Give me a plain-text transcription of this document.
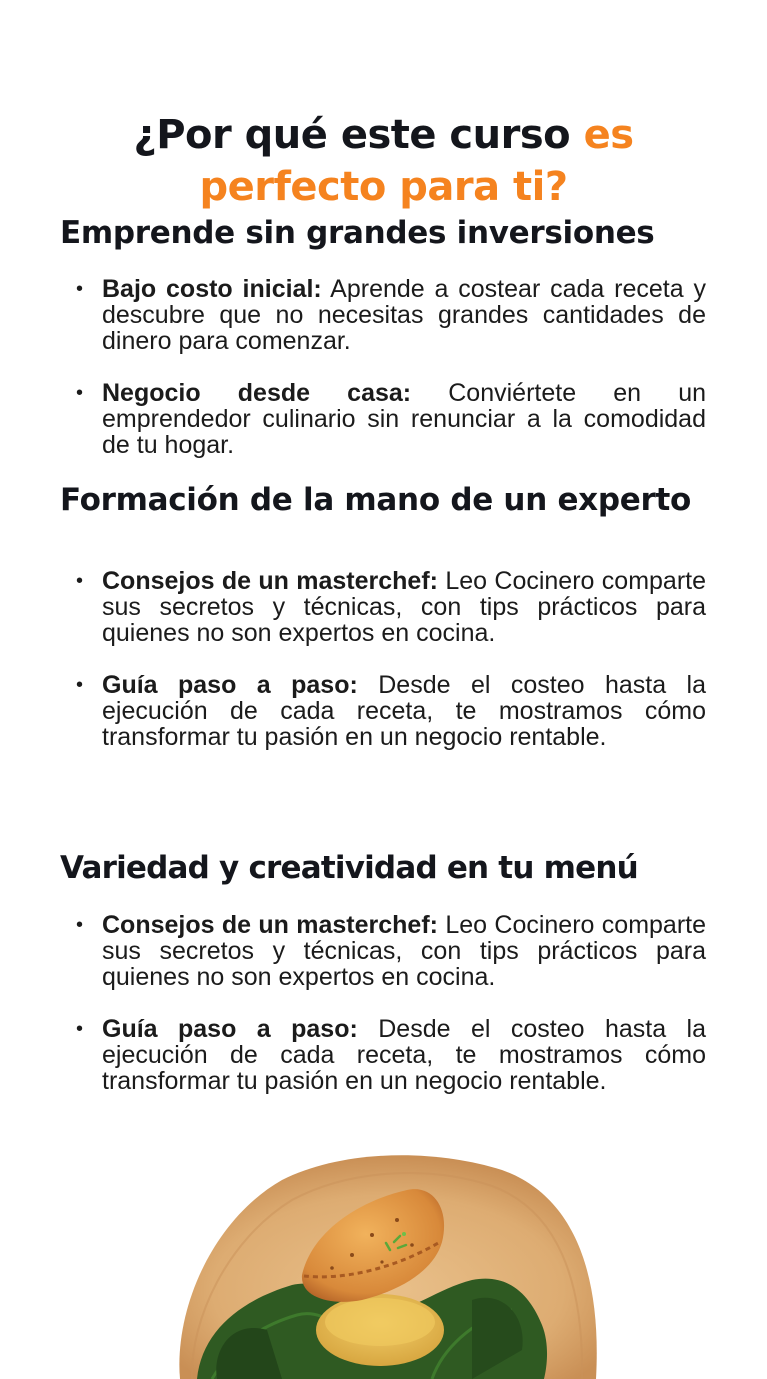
¿Por qué este curso es
perfecto para ti?
Emprende sin grandes inversiones
• Bajo costo inicial: Aprende a costear cada receta y descubre que no necesitas grandes cantidades de dinero para comenzar.
• Negocio desde casa: Conviértete en un emprendedor culinario sin renunciar a la comodidad de tu hogar.
Formación de la mano de un experto
• Consejos de un masterchef: Leo Cocinero comparte sus secretos y técnicas, con tips prácticos para quienes no son expertos en cocina.
• Guía paso a paso: Desde el costeo hasta la ejecución de cada receta, te mostramos cómo transformar tu pasión en un negocio rentable.
Variedad y creatividad en tu menú
• Consejos de un masterchef: Leo Cocinero comparte sus secretos y técnicas, con tips prácticos para quienes no son expertos en cocina.
• Guía paso a paso: Desde el costeo hasta la ejecución de cada receta, te mostramos cómo transformar tu pasión en un negocio rentable.
